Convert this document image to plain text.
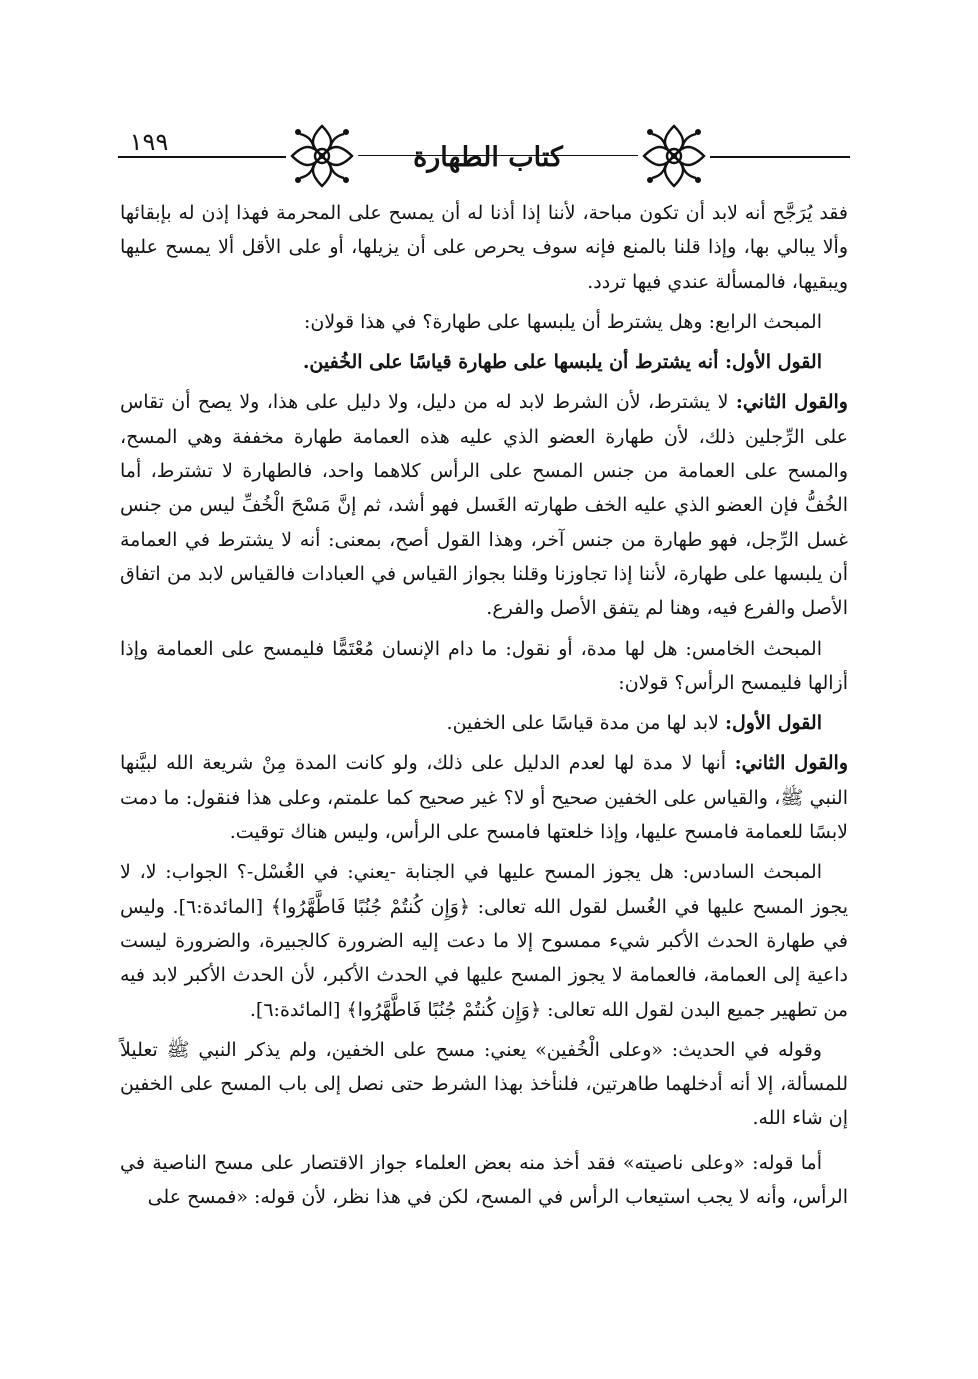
١٩٩	كتاب الطهارة

فقد يُرَجَّح أنه لابد أن تكون مباحة، لأننا إذا أذنا له أن يمسح على المحرمة فهذا إذن له بإبقائها وألا يبالي بها، وإذا قلنا بالمنع فإنه سوف يحرص على أن يزيلها، أو على الأقل ألا يمسح عليها ويبقيها، فالمسألة عندي فيها تردد.

المبحث الرابع: وهل يشترط أن يلبسها على طهارة؟ في هذا قولان:

القول الأول: أنه يشترط أن يلبسها على طهارة قياسًا على الخُفين.

والقول الثاني: لا يشترط، لأن الشرط لابد له من دليل، ولا دليل على هذا، ولا يصح أن تقاس على الرِّجلين ذلك، لأن طهارة العضو الذي عليه هذه العمامة طهارة مخففة وهي المسح، والمسح على العمامة من جنس المسح على الرأس كلاهما واحد، فالطهارة لا تشترط، أما الخُفُّ فإن العضو الذي عليه الخف طهارته الغَسل فهو أشد، ثم إنَّ مَسْحَ الْخُفِّ ليس من جنس غسل الرِّجل، فهو طهارة من جنس آخر، وهذا القول أصح، بمعنى: أنه لا يشترط في العمامة أن يلبسها على طهارة، لأننا إذا تجاوزنا وقلنا بجواز القياس في العبادات فالقياس لابد من اتفاق الأصل والفرع فيه، وهنا لم يتفق الأصل والفرع.

المبحث الخامس: هل لها مدة، أو نقول: ما دام الإنسان مُعْتَمًّا فليمسح على العمامة وإذا أزالها فليمسح الرأس؟ قولان:

القول الأول: لابد لها من مدة قياسًا على الخفين.

والقول الثاني: أنها لا مدة لها لعدم الدليل على ذلك، ولو كانت المدة مِنْ شريعة الله لبيَّنها النبي ﷺ، والقياس على الخفين صحيح أو لا؟ غير صحيح كما علمتم، وعلى هذا فنقول: ما دمت لابسًا للعمامة فامسح عليها، وإذا خلعتها فامسح على الرأس، وليس هناك توقيت.

المبحث السادس: هل يجوز المسح عليها في الجنابة -يعني: في الغُسْل-؟ الجواب: لا، لا يجوز المسح عليها في الغُسل لقول الله تعالى: ﴿وَإِن كُنتُمْ جُنُبًا فَاطَّهَّرُوا﴾ [المائدة:٦]. وليس في طهارة الحدث الأكبر شيء ممسوح إلا ما دعت إليه الضرورة كالجبيرة، والضرورة ليست داعية إلى العمامة، فالعمامة لا يجوز المسح عليها في الحدث الأكبر، لأن الحدث الأكبر لابد فيه من تطهير جميع البدن لقول الله تعالى: ﴿وَإِن كُنتُمْ جُنُبًا فَاطَّهَّرُوا﴾ [المائدة:٦].

وقوله في الحديث: «وعلى الْخُفين» يعني: مسح على الخفين، ولم يذكر النبي ﷺ تعليلاً للمسألة، إلا أنه أدخلهما طاهرتين، فلنأخذ بهذا الشرط حتى نصل إلى باب المسح على الخفين إن شاء الله.

أما قوله: «وعلى ناصيته» فقد أخذ منه بعض العلماء جواز الاقتصار على مسح الناصية في الرأس، وأنه لا يجب استيعاب الرأس في المسح، لكن في هذا نظر، لأن قوله: «فمسح على
